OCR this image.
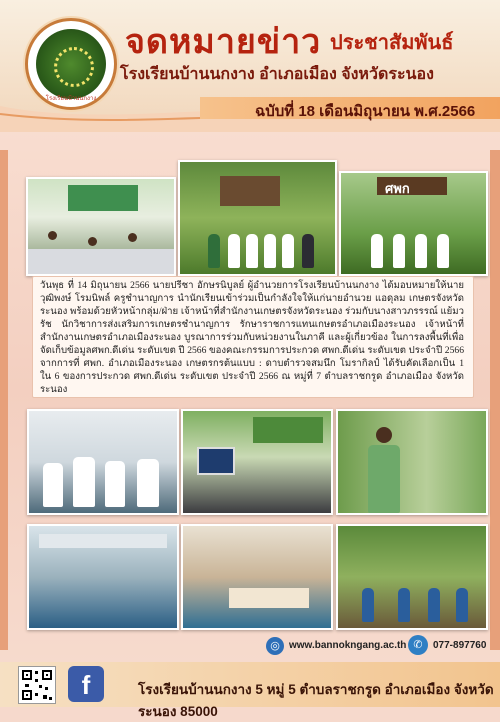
โรงเรียนบ้านนกงาง
จดหมายข่าว ประชาสัมพันธ์
โรงเรียนบ้านนกงาง อำเภอเมือง จังหวัดระนอง
ฉบับที่ 18 เดือนมิถุนายน พ.ศ.2566
ศพก
วันพุธ ที่ 14 มิถุนายน 2566 นายปรีชา อักษรนิบูลย์ ผู้อำนวยการโรงเรียนบ้านนกงาง ได้มอบหมายให้นายวุฒิพงษ์ โรมนิพล์ ครูชำนาญการ นำนักเรียนเข้าร่วมเป็นกำลังใจให้แก่นายอำนวย แอดุลม เกษตรจังหวัดระนอง พร้อมด้วยหัวหน้ากลุ่ม/ฝ่าย เจ้าหน้าที่สำนักงานเกษตรจังหวัดระนอง ร่วมกับนางสาวภรรรณ์ แย้มวรัช นักวิชาการส่งเสริมการเกษตรชำนาญการ รักษาราชการแทนเกษตรอำเภอเมืองระนอง เจ้าหน้าที่สำนักงานเกษตรอำเภอเมืองระนอง บูรณาการร่วมกับหน่วยงานในภาคี และผู้เกี่ยวข้อง ในการลงพื้นที่เพื่อจัดเก็บข้อมูลศพก.ดีเด่น ระดับเขต ปี 2566 ของคณะกรรมการประกวด ศพก.ดีเด่น ระดับเขต ประจำปี 2566 จากการที่ ศพก. อำเภอเมืองระนอง เกษตรกรต้นแบบ : ดาบตำรวจสมนึก โมรากิลป์ ได้รับคัดเลือกเป็น 1 ใน 6 ของการประกวด ศพก.ดีเด่น ระดับเขต ประจำปี 2566 ณ หมู่ที่ 7 ตำบลราชกรูด อำเภอเมือง จังหวัดระนอง
◎ www.bannokngang.ac.th ✆	077-897760
f	โรงเรียนบ้านนกงาง 5 หมู่ 5 ตำบลราชกรูด อำเภอเมือง จังหวัดระนอง 85000
